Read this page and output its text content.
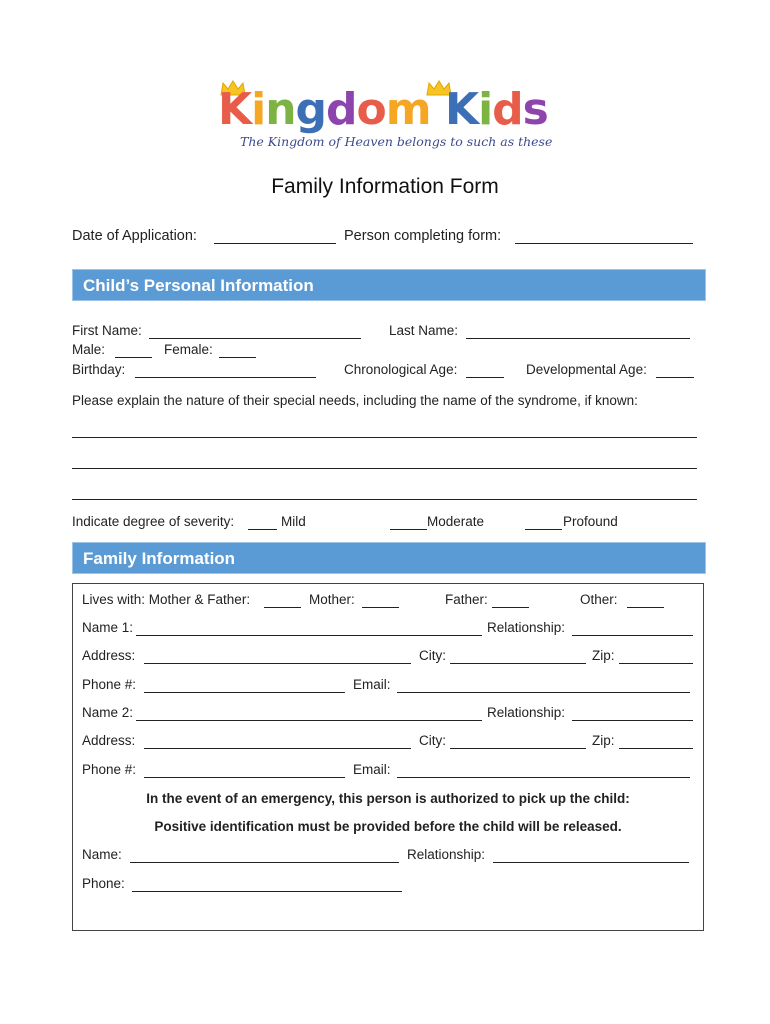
Kingdom Kids
The Kingdom of Heaven belongs to such as these
Family Information Form
Date of Application:	Person completing form:
Child’s Personal Information
First Name:	Last Name:
Male:	Female:
Birthday:	Chronological Age:	Developmental Age:
Please explain the nature of their special needs, including the name of the syndrome, if known:
Indicate degree of severity:	Mild	Moderate	Profound
Family Information
Lives with: Mother & Father:	Mother:	Father:	Other:
Name 1:	Relationship:
Address:	City:	Zip:
Phone #:	Email:
Name 2:	Relationship:
Address:	City:	Zip:
Phone #:	Email:
In the event of an emergency, this person is authorized to pick up the child:
Positive identification must be provided before the child will be released.
Name:	Relationship:
Phone:
